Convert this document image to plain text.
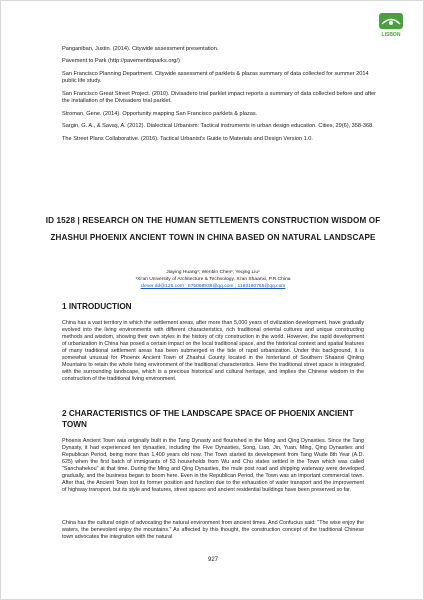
LISBON

Panganiban, Justin. (2014). Citywide assessment presentation.

Pavement to Park (http://pavementtoparks.org/)

San Francisco Planning Department. Citywide assessment of parklets & plazas summary of data collected for summer 2014 public life study.

San Francisco Great Street Project. (2010). Divisadero trial parklet impact reports a summary of data collected before and after the installation of the Divisadero trial parklet.

Stroman, Gene. (2014). Opportunity mapping San Francisco parklets & plazas.

Sargin, G. A., & Savaş, A. (2012). Dialectical Urbanism: Tactical instruments in urban design education. Cities, 29(6), 358-368.

The Street Plans Collaborative. (2016). Tactical Urbanist's Guide to Materials and Design Version 1.0.

ID 1528 | RESEARCH ON THE HUMAN SETTLEMENTS CONSTRUCTION WISDOM OF ZHASHUI PHOENIX ANCIENT TOWN IN CHINA BASED ON NATURAL LANDSCAPE
Jiaying Huang¹; Wenbin Chen¹; Yeqing Liu¹
¹Xi'an University of Architecture & Technology, Xi'an Shaanxi, P.R.China
clever.dd@126.com ; 675068936@qq.com ; 1193180765@qq.com
1 INTRODUCTION
China has a vast territory in which the settlement areas, after more than 5,000 years of civilization development, have gradually evolved into the living environments with different characteristics, rich traditional oriental cultures and unique constructing methods and wisdom, showing their own styles in the history of city construction in the world. However, the rapid development of urbanization in China has posed a certain impact on the local traditional space, and the historical context and spatial features of many traditional settlement areas has been submerged in the tide of rapid urbanization. Under this background, it is somewhat unusual for Phoenix Ancient Town of Zhashui County located in the hinterland of Southern Shaanxi Qinling Mountains to retain the whole living environment of the traditional characteristics. Here the traditional street space is integrated with the surrounding landscape, which is a precious historical and cultural heritage, and implies the Chinese wisdom in the construction of the traditional living environment.
2 CHARACTERISTICS OF THE LANDSCAPE SPACE OF PHOENIX ANCIENT TOWN
Phoenix Ancient Town was originally built in the Tang Dynasty and flourished in the Ming and Qing Dynasties. Since the Tang Dynasty, it had experienced ten dynasties, including the Five Dynasties, Song, Liao, Jin, Yuan, Ming, Qing Dynasties and Republican Period, being more than 1,400 years old now. The Town started its development from Tang Wude 8th Year (A.D. 625) when the first batch of immigrants of 53 households from Wu and Chu states settled in the Town which was called "Sanchahekou" at that time. During the Ming and Qing Dynasties, the mule post road and shipping waterway were developed gradually, and the business began to boom here. Even in the Republican Period, the Town was an important commercial town. After that, the Ancient Town lost its former position and function due to the exhaustion of water transport and the improvement of highway transport, but its style and features, street spaces and ancient residential buildings have been preserved so far.
China has the cultural origin of advocating the natural environment from ancient times. And Confucius said: "The wise enjoy the waters, the benevolent enjoy the mountains." As affected by this thought, the construction concept of the traditional Chinese town advocates the integration with the natural
927
